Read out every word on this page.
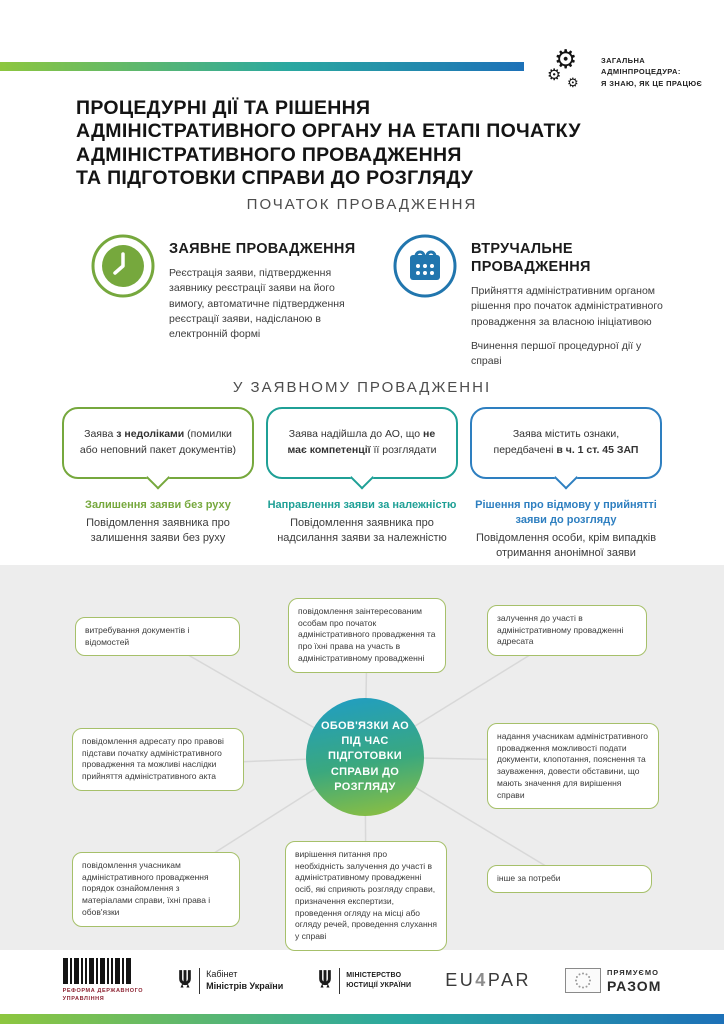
⚙
⚙ ⚙
ЗАГАЛЬНА
АДМІНПРОЦЕДУРА:
Я ЗНАЮ, ЯК ЦЕ ПРАЦЮЄ
ПРОЦЕДУРНІ ДІЇ ТА РІШЕННЯ
АДМІНІСТРАТИВНОГО ОРГАНУ НА ЕТАПІ ПОЧАТКУ
АДМІНІСТРАТИВНОГО ПРОВАДЖЕННЯ
ТА ПІДГОТОВКИ СПРАВИ ДО РОЗГЛЯДУ
ПОЧАТОК ПРОВАДЖЕННЯ
ЗАЯВНЕ ПРОВАДЖЕННЯ
Реєстрація заяви, підтвердження заявнику реєстрації заяви на його вимогу, автоматичне підтвердження реєстрації заяви, надісланою в електронній формі
ВТРУЧАЛЬНЕ ПРОВАДЖЕННЯ
Прийняття адміністративним органом рішення про початок адміністративного провадження за власною ініціативою
Вчинення першої процедурної дії у справі
У ЗАЯВНОМУ ПРОВАДЖЕННІ
Заява з недоліками (помилки або неповний пакет документів)
Залишення заяви без руху
Повідомлення заявника про залишення заяви без руху
Заява надійшла до АО, що не має компетенції її розглядати
Направлення заяви за належністю
Повідомлення заявника про надсилання заяви за належністю
Заява містить ознаки, передбачені в ч. 1 ст. 45 ЗАП
Рішення про відмову у прийнятті заяви до розгляду
Повідомлення особи, крім випадків отримання анонімної заяви
витребування документів і відомостей
повідомлення заінтересованим особам про початок адміністративного провадження та про їхні права на участь в адміністративному провадженні
залучення до участі в адміністративному провадженні адресата
повідомлення адресату про правові підстави початку адміністративного провадження та можливі наслідки прийняття адміністративного акта
надання учасникам адміністративного провадження можливості подати документи, клопотання, пояснення та зауваження, довести обставини, що мають значення для вирішення справи
повідомлення учасникам адміністративного провадження порядок ознайомлення з матеріалами справи, їхні права і обов'язки
вирішення питання про необхідність залучення до участі в адміністративному провадженні осіб, які сприяють розгляду справи, призначення експертизи, проведення огляду на місці або огляду речей, проведення слухання у справі
інше за потреби
ОБОВ'ЯЗКИ АО ПІД ЧАС ПІДГОТОВКИ СПРАВИ ДО РОЗГЛЯДУ
РЕФОРМА ДЕРЖАВНОГО
УПРАВЛІННЯ
Кабінет
Міністрів України
МІНІСТЕРСТВО
ЮСТИЦІЇ УКРАЇНИ EU4PAR	ПРЯМУЄМО
РАЗОМ
